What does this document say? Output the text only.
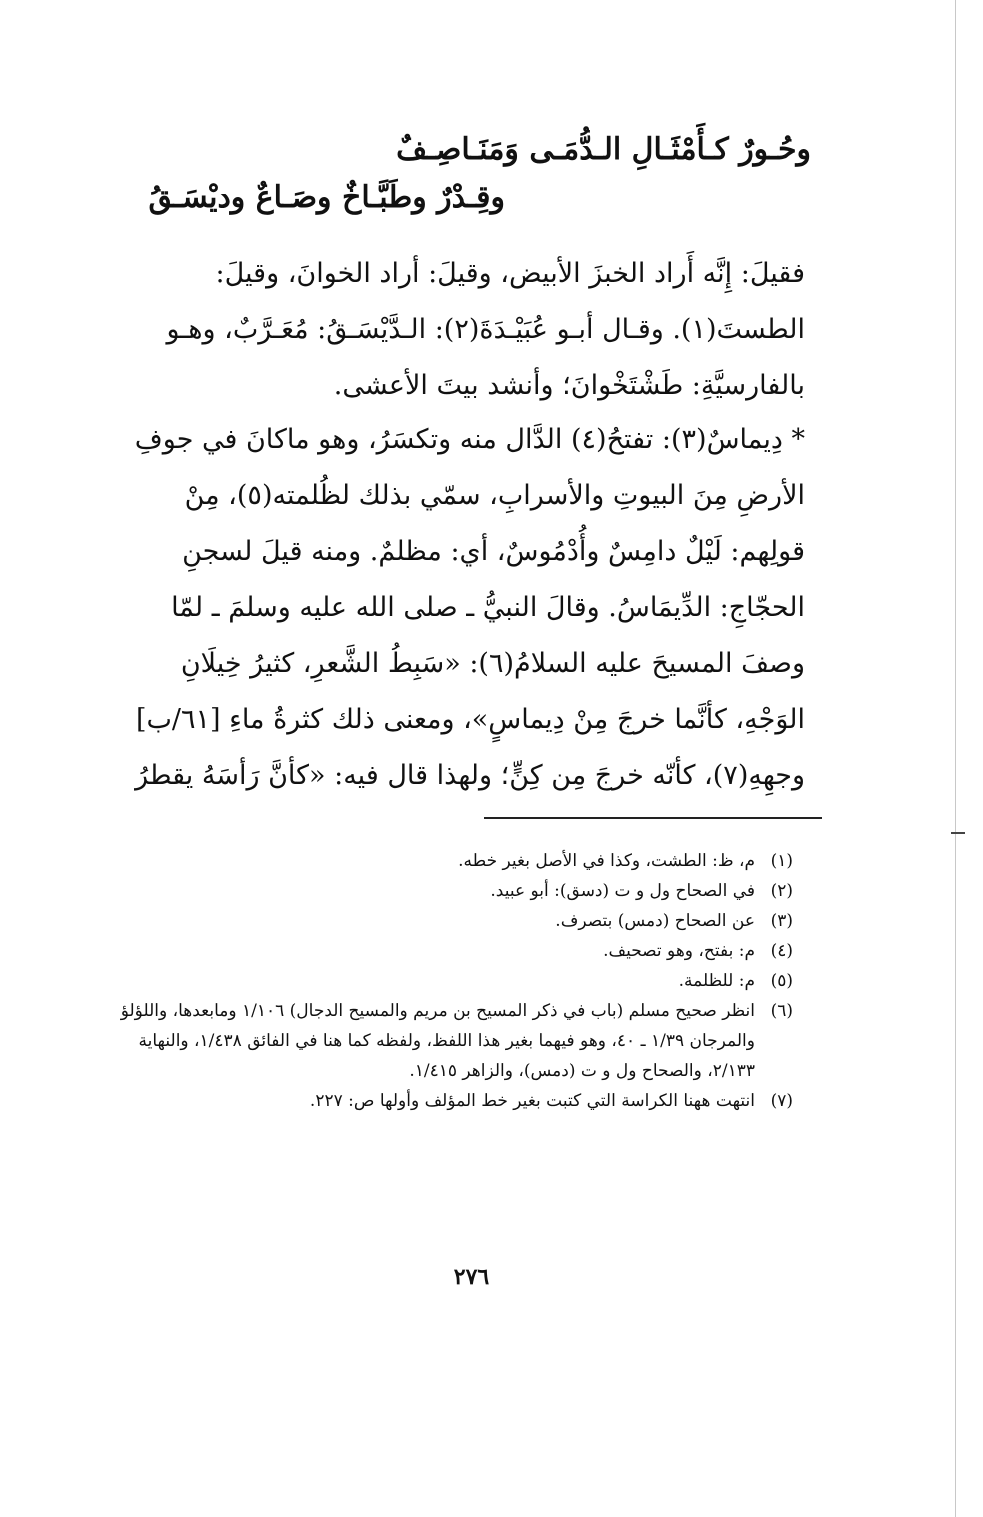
وحُـورٌ كـأَمْثَـالِ الـدُّمَـى وَمَنَـاصِـفٌ
وقِـدْرٌ وطَبَّـاخٌ وصَـاعٌ وديْسَـقُ
فقيلَ: إِنَّه أَراد الخبزَ الأبيض، وقيلَ: أراد الخوانَ، وقيلَ:
الطستَ(١). وقـال أبـو عُبَيْـدَةَ(٢): الـدَّيْسَـقُ: مُعَـرَّبٌ، وهـو
بالفارسيَّةِ: طَشْتَخْوانَ؛ وأنشد بيتَ الأعشى.
* دِيماسٌ(٣): تفتحُ(٤) الدَّال منه وتكسَرُ، وهو ماكانَ في جوفِ
الأرضِ مِنَ البيوتِ والأسرابِ، سمّي بذلك لظُلمته(٥)، مِنْ
قولِهم: لَيْلٌ دامِسٌ وأُدْمُوسٌ، أي: مظلمٌ. ومنه قيلَ لسجنِ
الحجّاجِ: الدِّيمَاسُ. وقالَ النبيُّ ـ صلى الله عليه وسلمَ ـ لمّا
وصفَ المسيحَ عليه السلامُ(٦): «سَبِطُ الشَّعرِ، كثيرُ خِيلَانِ
الوَجْهِ، كأنَّما خرجَ مِنْ دِيماسٍ»، ومعنى ذلك كثرةُ ماءِ [٦١/ب]
وجهِهِ(٧)، كأنّه خرجَ مِن كِنٍّ؛ ولهذا قال فيه: «كأنَّ رَأسَهُ يقطرُ
(١)
م، ظ: الطشت، وكذا في الأصل بغير خطه.
(٢)
في الصحاح ول و ت (دسق): أبو عبيد.
(٣)
عن الصحاح (دمس) بتصرف.
(٤)
م: بفتح، وهو تصحيف.
(٥)
م: للظلمة.
(٦)
انظر صحيح مسلم (باب في ذكر المسيح بن مريم والمسيح الدجال) ١/١٠٦ ومابعدها، واللؤلؤ والمرجان ١/٣٩ ـ ٤٠، وهو فيهما بغير هذا اللفظ، ولفظه كما هنا في الفائق ١/٤٣٨، والنهاية ٢/١٣٣، والصحاح ول و ت (دمس)، والزاهر ١/٤١٥.
(٧)
انتهت ههنا الكراسة التي كتبت بغير خط المؤلف وأولها ص: ٢٢٧.
٢٧٦
